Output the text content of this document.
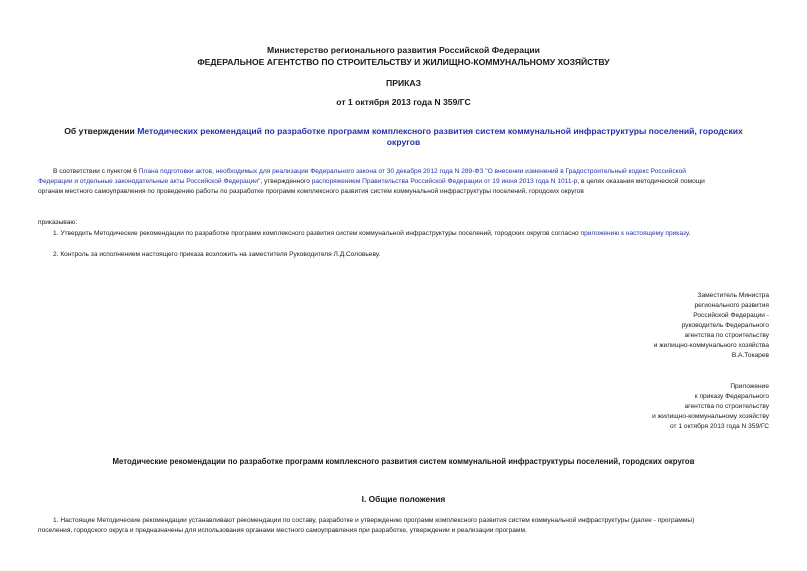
Министерство регионального развития Российской Федерации
ФЕДЕРАЛЬНОЕ АГЕНТСТВО ПО СТРОИТЕЛЬСТВУ И ЖИЛИЩНО-КОММУНАЛЬНОМУ ХОЗЯЙСТВУ
ПРИКАЗ
от 1 октября 2013 года N 359/ГС
Об утверждении Методических рекомендаций по разработке программ комплексного развития систем коммунальной инфраструктуры поселений, городских
округов
В соответствии с пунктом 6 Плана подготовки актов, необходимых для реализации Федерального закона от 30 декабря 2012 года N 289-ФЗ "О внесении изменений в Градостроительный кодекс Российской
Федерации и отдельные законодательные акты Российской Федерации", утвержденного распоряжением Правительства Российской Федерации от 19 июня 2013 года N 1011-р, в целях оказания методической помощи
органам местного самоуправления по проведению работы по разработке программ комплексного развития систем коммунальной инфраструктуры поселений, городских округов
приказываю:
1. Утвердить Методические рекомендации по разработке программ комплексного развития систем коммунальной инфраструктуры поселений, городских округов согласно приложению к настоящему приказу.
2. Контроль за исполнением настоящего приказа возложить на заместителя Руководителя Л.Д.Соловьеву.
Заместитель Министра
регионального развития
Российской Федерации -
руководитель Федерального
агентства по строительству
и жилищно-коммунального хозяйства
В.А.Токарев
Приложение
к приказу Федерального
агентства по строительству
и жилищно-коммунальному хозяйству
от 1 октября 2013 года N 359/ГС
Методические рекомендации по разработке программ комплексного развития систем коммунальной инфраструктуры поселений, городских округов
I. Общие положения
1. Настоящие Методические рекомендации устанавливают рекомендации по составу, разработке и утверждению программ комплексного развития систем коммунальной инфраструктуры (далее - программы)
поселения, городского округа и предназначены для использования органами местного самоуправления при разработке, утверждении и реализации программ.
